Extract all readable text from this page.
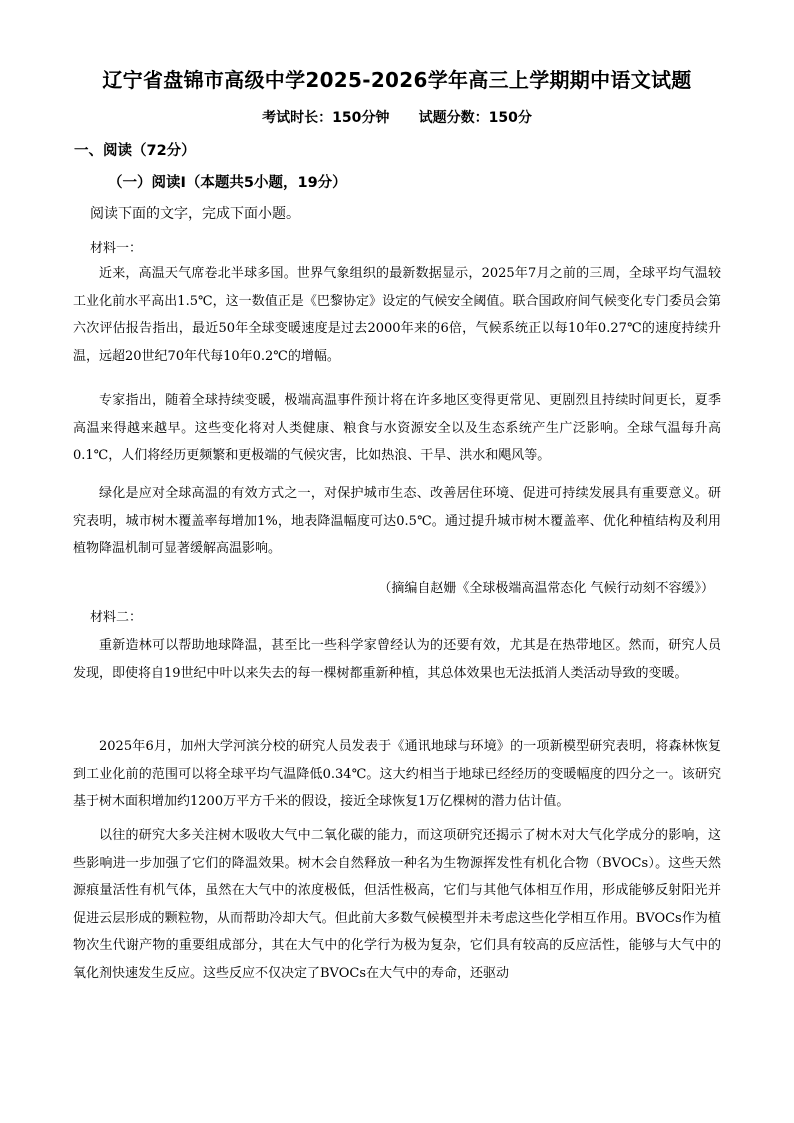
辽宁省盘锦市高级中学2025-2026学年高三上学期期中语文试题
考试时长：150分钟      试题分数：150分
一、阅读（72分）
（一）阅读Ⅰ（本题共5小题，19分）
阅读下面的文字，完成下面小题。
材料一：

近来，高温天气席卷北半球多国。世界气象组织的最新数据显示，2025年7月之前的三周，全球平均气温较工业化前水平高出1.5℃，这一数值正是《巴黎协定》设定的气候安全阈值。联合国政府间气候变化专门委员会第六次评估报告指出，最近50年全球变暖速度是过去2000年来的6倍，气候系统正以每10年0.27℃的速度持续升温，远超20世纪70年代每10年0.2℃的增幅。

专家指出，随着全球持续变暖，极端高温事件预计将在许多地区变得更常见、更剧烈且持续时间更长，夏季高温来得越来越早。这些变化将对人类健康、粮食与水资源安全以及生态系统产生广泛影响。全球气温每升高0.1℃，人们将经历更频繁和更极端的气候灾害，比如热浪、干旱、洪水和飓风等。

绿化是应对全球高温的有效方式之一，对保护城市生态、改善居住环境、促进可持续发展具有重要意义。研究表明，城市树木覆盖率每增加1%，地表降温幅度可达0.5℃。通过提升城市树木覆盖率、优化种植结构及利用植物降温机制可显著缓解高温影响。

（摘编自赵姗《全球极端高温常态化 气候行动刻不容缓》）
材料二：

重新造林可以帮助地球降温，甚至比一些科学家曾经认为的还要有效，尤其是在热带地区。然而，研究人员发现，即使将自19世纪中叶以来失去的每一棵树都重新种植，其总体效果也无法抵消人类活动导致的变暖。

2025年6月，加州大学河滨分校的研究人员发表于《通讯地球与环境》的一项新模型研究表明，将森林恢复到工业化前的范围可以将全球平均气温降低0.34℃。这大约相当于地球已经经历的变暖幅度的四分之一。该研究基于树木面积增加约1200万平方千米的假设，接近全球恢复1万亿棵树的潜力估计值。

以往的研究大多关注树木吸收大气中二氧化碳的能力，而这项研究还揭示了树木对大气化学成分的影响，这些影响进一步加强了它们的降温效果。树木会自然释放一种名为生物源挥发性有机化合物（BVOCs）。这些天然源痕量活性有机气体，虽然在大气中的浓度极低，但活性极高，它们与其他气体相互作用，形成能够反射阳光并促进云层形成的颗粒物，从而帮助冷却大气。但此前大多数气候模型并未考虑这些化学相互作用。BVOCs作为植物次生代谢产物的重要组成部分，其在大气中的化学行为极为复杂，它们具有较高的反应活性，能够与大气中的氧化剂快速发生反应。这些反应不仅决定了BVOCs在大气中的寿命，还驱动
